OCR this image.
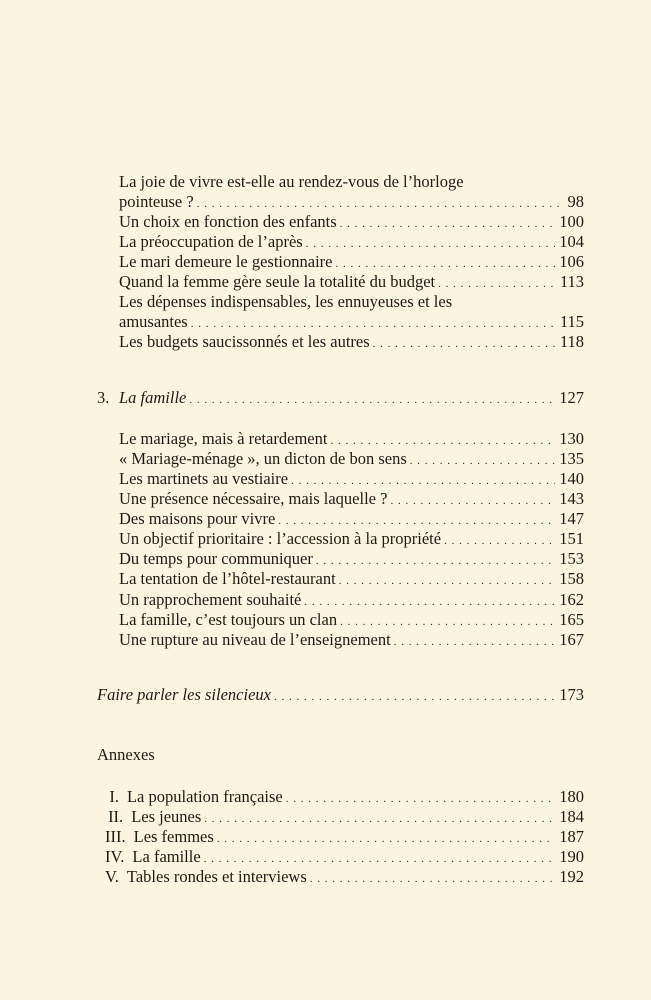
La joie de vivre est-elle au rendez-vous de l’horloge
pointeuse ? . . .	98
Un choix en fonction des enfants . . .	100
La préoccupation de l’après . . .	104
Le mari demeure le gestionnaire . . .	106
Quand la femme gère seule la totalité du budget . . .	113
Les dépenses indispensables, les ennuyeuses et les
amusantes . . .	115
Les budgets saucissonnés et les autres . . .	118
3. La famille . . .	127
Le mariage, mais à retardement . . .	130
« Mariage-ménage », un dicton de bon sens . . .	135
Les martinets au vestiaire . . .	140
Une présence nécessaire, mais laquelle ? . . .	143
Des maisons pour vivre . . .	147
Un objectif prioritaire : l’accession à la propriété . . .	151
Du temps pour communiquer . . .	153
La tentation de l’hôtel-restaurant . . .	158
Un rapprochement souhaité . . .	162
La famille, c’est toujours un clan . . .	165
Une rupture au niveau de l’enseignement . . .	167
Faire parler les silencieux . . .	173
Annexes
I. La population française . . .	180
II. Les jeunes . . .	184
III. Les femmes . . .	187
IV. La famille . . .	190
V. Tables rondes et interviews . . .	192
